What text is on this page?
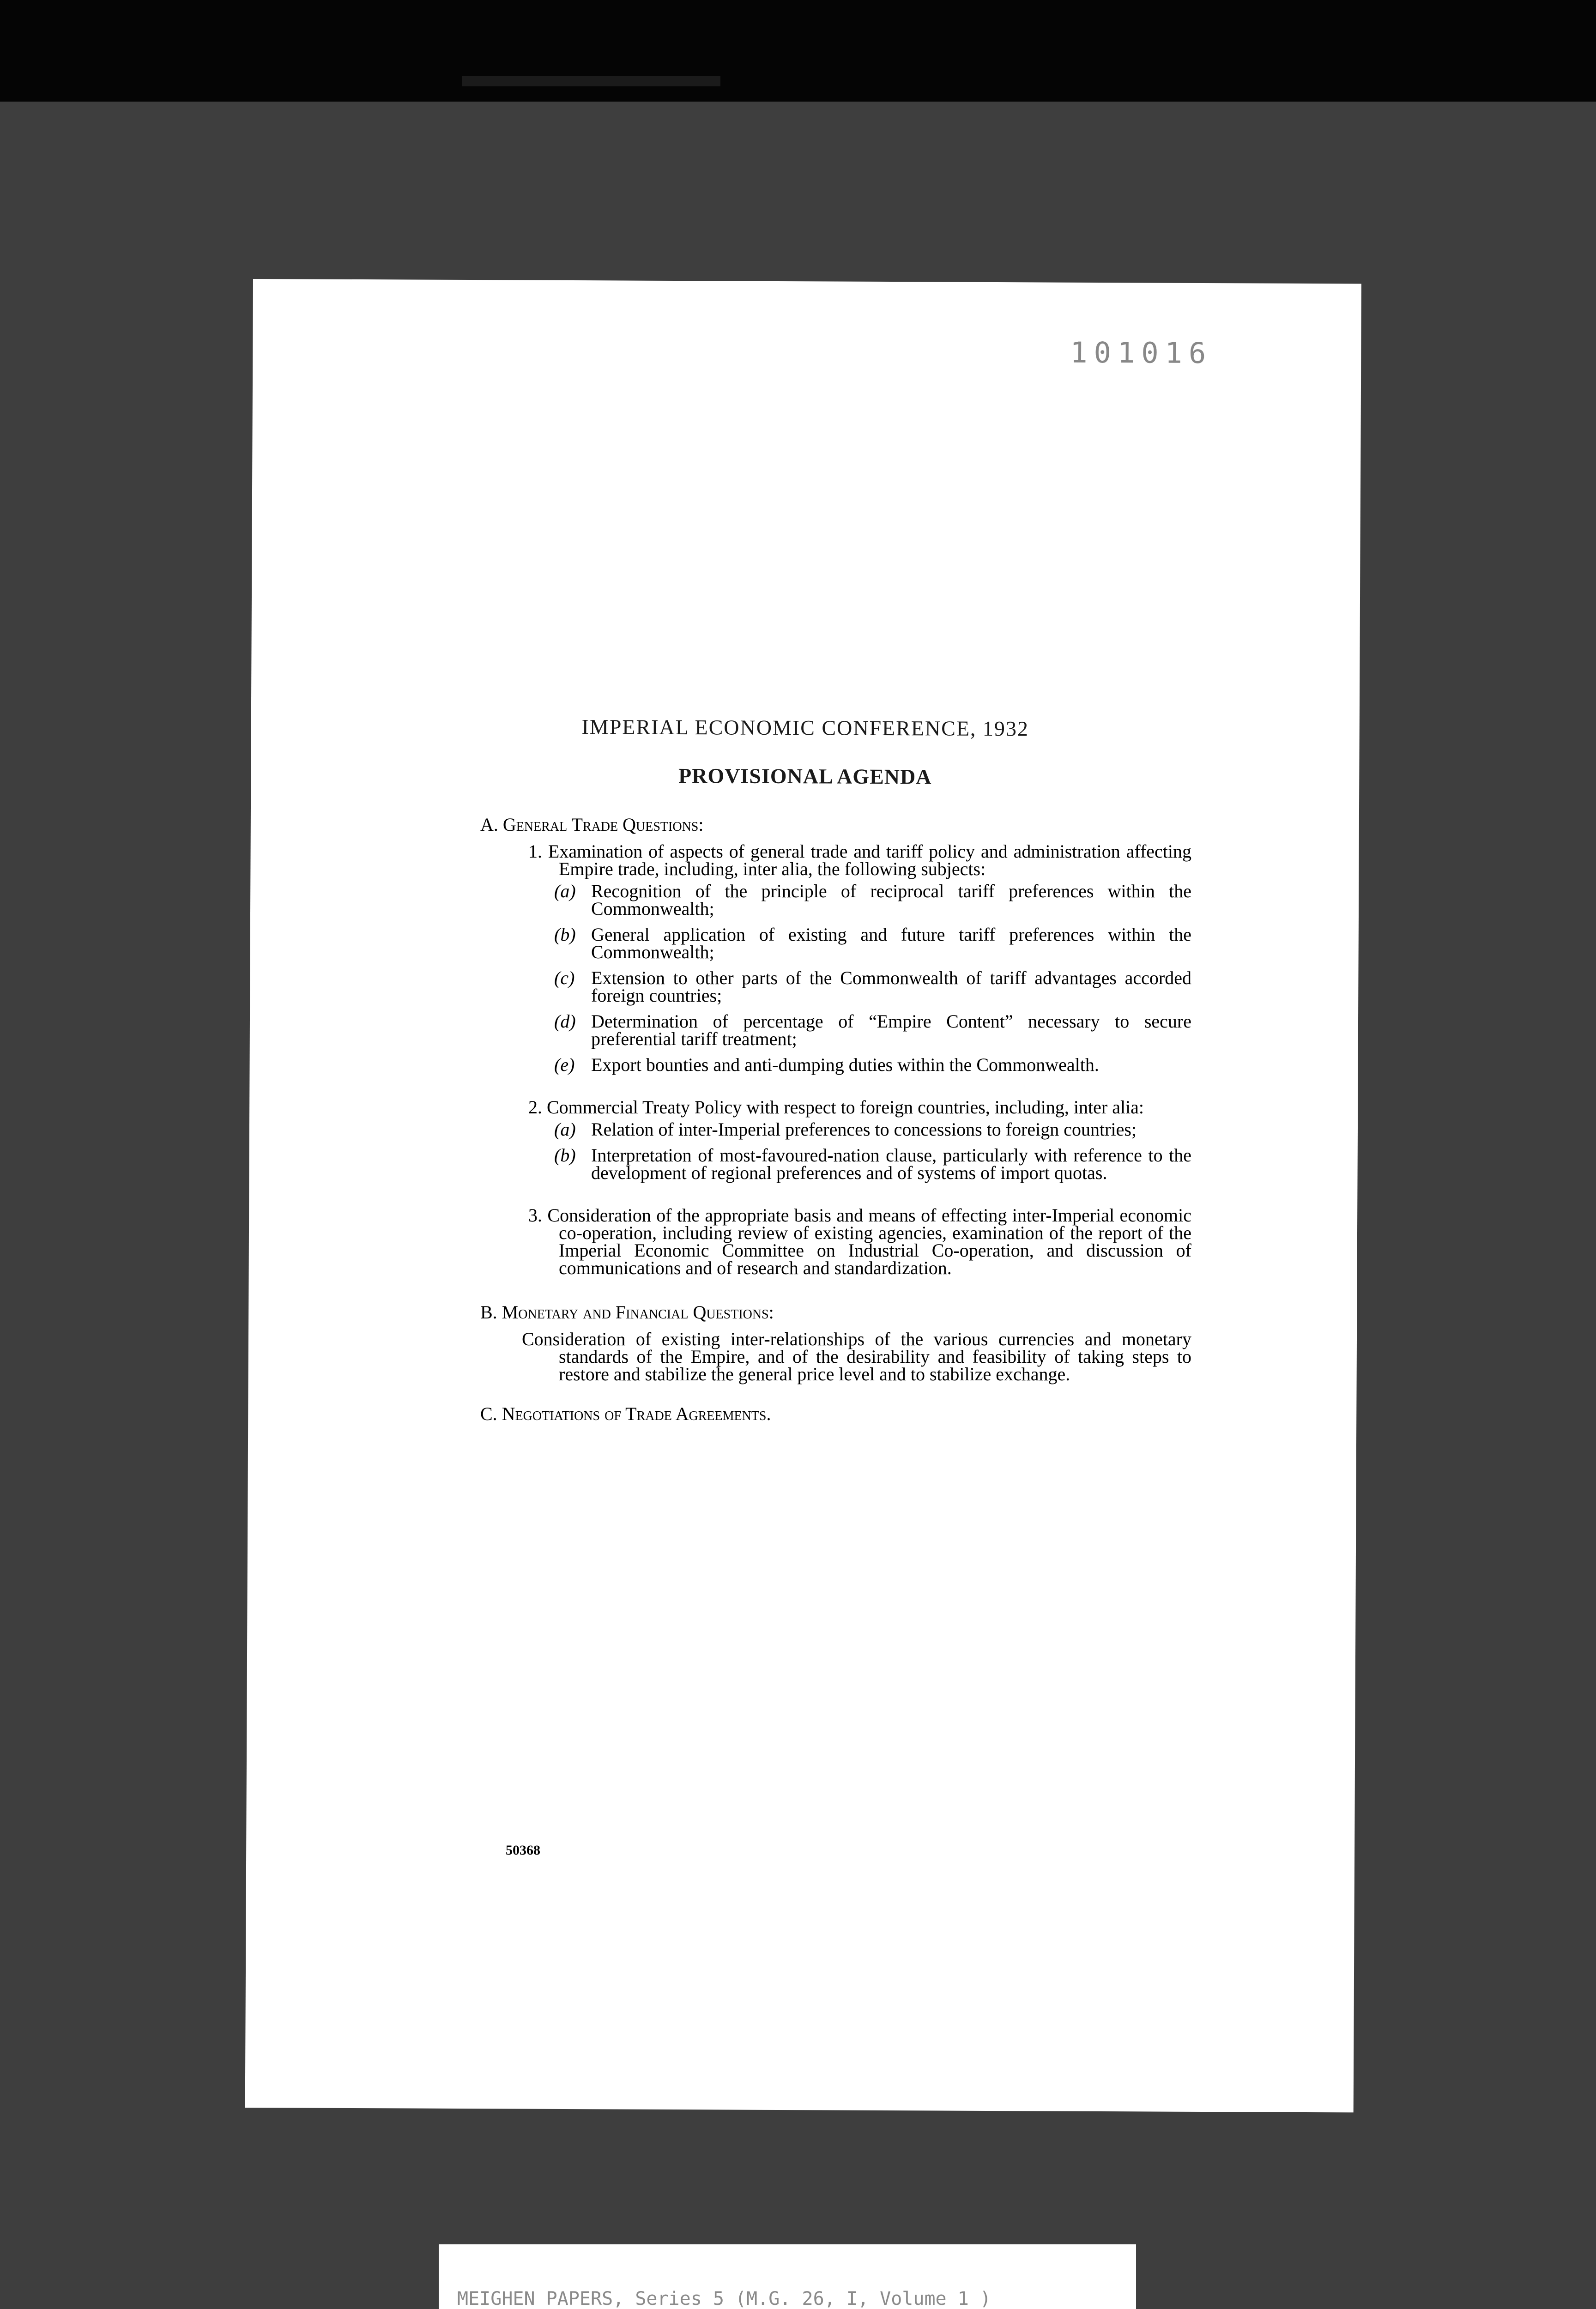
101016
IMPERIAL ECONOMIC CONFERENCE, 1932
PROVISIONAL AGENDA
A. General Trade Questions:
1. Examination of aspects of general trade and tariff policy and administration affecting Empire trade, including, inter alia, the following subjects:
(a) Recognition of the principle of reciprocal tariff preferences within the Commonwealth;
(b) General application of existing and future tariff preferences within the Commonwealth;
(c) Extension to other parts of the Commonwealth of tariff advantages accorded foreign countries;
(d) Determination of percentage of “Empire Content” necessary to secure preferential tariff treatment;
(e) Export bounties and anti-dumping duties within the Commonwealth.
2. Commercial Treaty Policy with respect to foreign countries, including, inter alia:
(a) Relation of inter-Imperial preferences to concessions to foreign countries;
(b) Interpretation of most-favoured-nation clause, particularly with reference to the development of regional preferences and of systems of import quotas.
3. Consideration of the appropriate basis and means of effecting inter-Imperial economic co-operation, including review of existing agencies, examination of the report of the Imperial Economic Committee on Industrial Co-operation, and discussion of communications and of research and standardization.
B. Monetary and Financial Questions:
Consideration of existing inter-relationships of the various currencies and monetary standards of the Empire, and of the desirability and feasibility of taking steps to restore and stabilize the general price level and to stabilize exchange.
C. Negotiations of Trade Agreements.
50368
MEIGHEN PAPERS, Series 5 (M.G. 26, I, Volume 1 )
